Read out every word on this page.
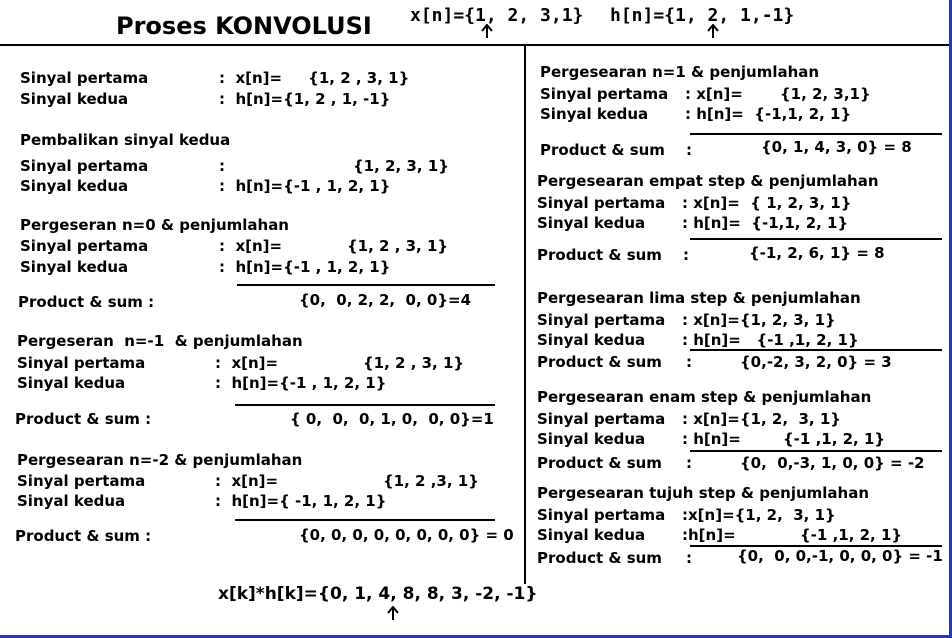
Proses KONVOLUSI x[n]={1, 2, 3,1} h[n]={1, 2, 1,-1}
Sinyal pertama	:  x[n]=     {1, 2 , 3, 1}
Sinyal kedua	:  h[n]={1, 2 , 1, -1}
Pembalikan sinyal kedua
Sinyal pertama	:	{1, 2, 3, 1}
Sinyal kedua	:  h[n]={-1 , 1, 2, 1}
Pergeseran n=0 & penjumlahan
Sinyal pertama	:  x[n]=	{1, 2 , 3, 1}
Sinyal kedua	:  h[n]={-1 , 1, 2, 1}
Product & sum :	{0,  0, 2, 2,  0, 0}=4
Pergeseran  n=-1  & penjumlahan
Sinyal pertama	:  x[n]=	{1, 2 , 3, 1}
Sinyal kedua	:  h[n]={-1 , 1, 2, 1}
Product & sum :	{ 0,  0,  0, 1, 0,  0, 0}=1
Pergesearan n=-2 & penjumlahan
Sinyal pertama	:  x[n]=	{1, 2 ,3, 1}
Sinyal kedua	:  h[n]={ -1, 1, 2, 1}
Product & sum :	{0, 0, 0, 0, 0, 0, 0, 0} = 0
Pergesearan n=1 & penjumlahan
Sinyal pertama : x[n]= {1, 2, 3,1}
Sinyal kedua : h[n]=  {-1,1, 2, 1}
Product & sum :	{0, 1, 4, 3, 0} = 8
Pergesearan empat step & penjumlahan
Sinyal pertama : x[n]=  { 1, 2, 3, 1}
Sinyal kedua : h[n]=  {-1,1, 2, 1}
Product & sum :	{-1, 2, 6, 1} = 8
Pergesearan lima step & penjumlahan
Sinyal pertama : x[n]={1, 2, 3, 1}
Sinyal kedua : h[n]=   {-1 ,1, 2, 1}
Product & sum :	{0,-2, 3, 2, 0} = 3
Pergesearan enam step & penjumlahan
Sinyal pertama : x[n]={1, 2,  3, 1}
Sinyal kedua : h[n]=	{-1 ,1, 2, 1}
Product & sum :	{0,  0,-3, 1, 0, 0} = -2
Pergesearan tujuh step & penjumlahan
Sinyal pertama :x[n]={1, 2,  3, 1}
Sinyal kedua :h[n]=	{-1 ,1, 2, 1}
Product & sum :	{0,  0, 0,-1, 0, 0, 0} = -1
x[k]*h[k]={0, 1, 4, 8, 8, 3, -2, -1}
